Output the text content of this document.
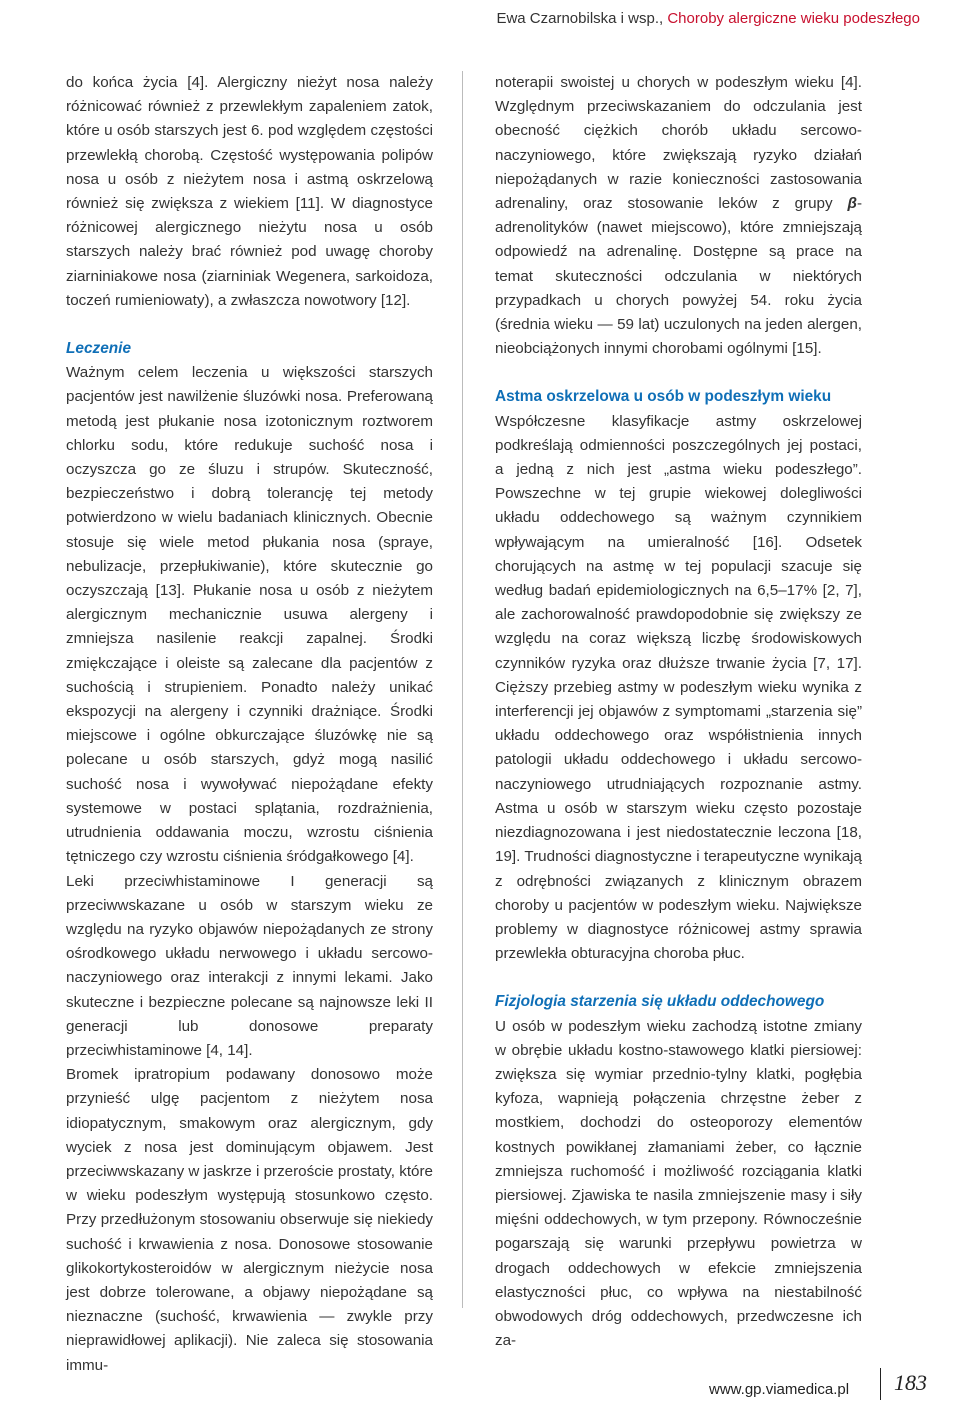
Ewa Czarnobilska i wsp., Choroby alergiczne wieku podeszłego

do końca życia [4]. Alergiczny nieżyt nosa należy różnicować również z przewlekłym zapaleniem zatok, które u osób starszych jest 6. pod względem częstości przewlekłą chorobą. Częstość występowania polipów nosa u osób z nieżytem nosa i astmą oskrzelową również się zwiększa z wiekiem [11]. W diagnostyce różnicowej alergicznego nieżytu nosa u osób starszych należy brać również pod uwagę choroby ziarniniakowe nosa (ziarniniak Wegenera, sarkoidoza, toczeń rumieniowaty), a zwłaszcza nowotwory [12].

Leczenie

Ważnym celem leczenia u większości starszych pacjentów jest nawilżenie śluzówki nosa. Preferowaną metodą jest płukanie nosa izotonicznym roztworem chlorku sodu, które redukuje suchość nosa i oczyszcza go ze śluzu i strupów. Skuteczność, bezpieczeństwo i dobrą tolerancję tej metody potwierdzono w wielu badaniach klinicznych. Obecnie stosuje się wiele metod płukania nosa (spraye, nebulizacje, przepłukiwanie), które skutecznie go oczyszczają [13]. Płukanie nosa u osób z nieżytem alergicznym mechanicznie usuwa alergeny i zmniejsza nasilenie reakcji zapalnej. Środki zmiękczające i oleiste są zalecane dla pacjentów z suchością i strupieniem. Ponadto należy unikać ekspozycji na alergeny i czynniki drażniące. Środki miejscowe i ogólne obkurczające śluzówkę nie są polecane u osób starszych, gdyż mogą nasilić suchość nosa i wywoływać niepożądane efekty systemowe w postaci splątania, rozdrażnienia, utrudnienia oddawania moczu, wzrostu ciśnienia tętniczego czy wzrostu ciśnienia śródgałkowego [4].

Leki przeciwhistaminowe I generacji są przeciwwskazane u osób w starszym wieku ze względu na ryzyko objawów niepożądanych ze strony ośrodkowego układu nerwowego i układu sercowo-naczyniowego oraz interakcji z innymi lekami. Jako skuteczne i bezpieczne polecane są najnowsze leki II generacji lub donosowe preparaty przeciwhistaminowe [4, 14].

Bromek ipratropium podawany donosowo może przynieść ulgę pacjentom z nieżytem nosa idiopatycznym, smakowym oraz alergicznym, gdy wyciek z nosa jest dominującym objawem. Jest przeciwwskazany w jaskrze i przeroście prostaty, które w wieku podeszłym występują stosunkowo często. Przy przedłużonym stosowaniu obserwuje się niekiedy suchość i krwawienia z nosa. Donosowe stosowanie glikokortykosteroidów w alergicznym nieżycie nosa jest dobrze tolerowane, a objawy niepożądane są nieznaczne (suchość, krwawienia — zwykle przy nieprawidłowej aplikacji). Nie zaleca się stosowania immu-

noterapii swoistej u chorych w podeszłym wieku [4]. Względnym przeciwskazaniem do odczulania jest obecność ciężkich chorób układu sercowo-naczyniowego, które zwiększają ryzyko działań niepożądanych w razie konieczności zastosowania adrenaliny, oraz stosowanie leków z grupy β-adrenolityków (nawet miejscowo), które zmniejszają odpowiedź na adrenalinę. Dostępne są prace na temat skuteczności odczulania w niektórych przypadkach u chorych powyżej 54. roku życia (średnia wieku — 59 lat) uczulonych na jeden alergen, nieobciążonych innymi chorobami ogólnymi [15].

Astma oskrzelowa u osób w podeszłym wieku

Współczesne klasyfikacje astmy oskrzelowej podkreślają odmienności poszczególnych jej postaci, a jedną z nich jest „astma wieku podeszłego”. Powszechne w tej grupie wiekowej dolegliwości układu oddechowego są ważnym czynnikiem wpływającym na umieralność [16]. Odsetek chorujących na astmę w tej populacji szacuje się według badań epidemiologicznych na 6,5–17% [2, 7], ale zachorowalność prawdopodobnie się zwiększy ze względu na coraz większą liczbę środowiskowych czynników ryzyka oraz dłuższe trwanie życia [7, 17]. Cięższy przebieg astmy w podeszłym wieku wynika z interferencji jej objawów z symptomami „starzenia się” układu oddechowego oraz współistnienia innych patologii układu oddechowego i układu sercowo-naczyniowego utrudniających rozpoznanie astmy. Astma u osób w starszym wieku często pozostaje niezdiagnozowana i jest niedostatecznie leczona [18, 19]. Trudności diagnostyczne i terapeutyczne wynikają z odrębności związanych z klinicznym obrazem choroby u pacjentów w podeszłym wieku. Największe problemy w diagnostyce różnicowej astmy sprawia przewlekła obturacyjna choroba płuc.

Fizjologia starzenia się układu oddechowego

U osób w podeszłym wieku zachodzą istotne zmiany w obrębie układu kostno-stawowego klatki piersiowej: zwiększa się wymiar przednio-tylny klatki, pogłębia kyfoza, wapnieją połączenia chrzęstne żeber z mostkiem, dochodzi do osteoporozy elementów kostnych powikłanej złamaniami żeber, co łącznie zmniejsza ruchomość i możliwość rozciągania klatki piersiowej. Zjawiska te nasila zmniejszenie masy i siły mięśni oddechowych, w tym przepony. Równocześnie pogarszają się warunki przepływu powietrza w drogach oddechowych w efekcie zmniejszenia elastyczności płuc, co wpływa na niestabilność obwodowych dróg oddechowych, przedwczesne ich za-

www.gp.viamedica.pl 183
